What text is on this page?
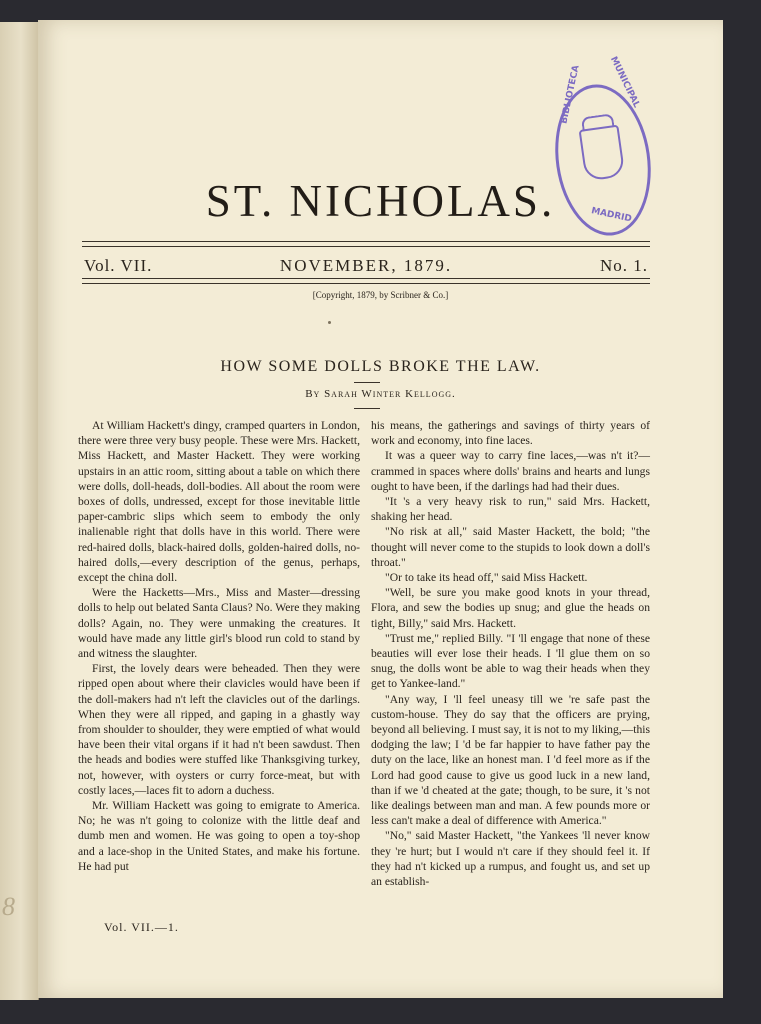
8
ST. NICHOLAS.
BIBLIOTECA	MUNICIPAL
MADRID
Vol. VII.	NOVEMBER, 1879.	No. 1.
[Copyright, 1879, by Scribner & Co.]
HOW SOME DOLLS BROKE THE LAW.
By Sarah Winter Kellogg.

At William Hackett's dingy, cramped quarters in London, there were three very busy people. These were Mrs. Hackett, Miss Hackett, and Master Hackett. They were working upstairs in an attic room, sitting about a table on which there were dolls, doll-heads, doll-bodies. All about the room were boxes of dolls, undressed, except for those inevitable little paper-cambric slips which seem to embody the only inalienable right that dolls have in this world. There were red-haired dolls, black-haired dolls, golden-haired dolls, no-haired dolls,—every description of the genus, perhaps, except the china doll.

Were the Hacketts—Mrs., Miss and Master—dressing dolls to help out belated Santa Claus? No. Were they making dolls? Again, no. They were unmaking the creatures. It would have made any little girl's blood run cold to stand by and witness the slaughter.

First, the lovely dears were beheaded. Then they were ripped open about where their clavicles would have been if the doll-makers had n't left the clavicles out of the darlings. When they were all ripped, and gaping in a ghastly way from shoulder to shoulder, they were emptied of what would have been their vital organs if it had n't been sawdust. Then the heads and bodies were stuffed like Thanksgiving turkey, not, however, with oysters or curry force-meat, but with costly laces,—laces fit to adorn a duchess.

Mr. William Hackett was going to emigrate to America. No; he was n't going to colonize with the little deaf and dumb men and women. He was going to open a toy-shop and a lace-shop in the United States, and make his fortune. He had put

his means, the gatherings and savings of thirty years of work and economy, into fine laces.

It was a queer way to carry fine laces,—was n't it?—crammed in spaces where dolls' brains and hearts and lungs ought to have been, if the darlings had had their dues.

"It 's a very heavy risk to run," said Mrs. Hackett, shaking her head.

"No risk at all," said Master Hackett, the bold; "the thought will never come to the stupids to look down a doll's throat."

"Or to take its head off," said Miss Hackett.

"Well, be sure you make good knots in your thread, Flora, and sew the bodies up snug; and glue the heads on tight, Billy," said Mrs. Hackett.

"Trust me," replied Billy. "I 'll engage that none of these beauties will ever lose their heads. I 'll glue them on so snug, the dolls wont be able to wag their heads when they get to Yankee-land."

"Any way, I 'll feel uneasy till we 're safe past the custom-house. They do say that the officers are prying, beyond all believing. I must say, it is not to my liking,—this dodging the law; I 'd be far happier to have father pay the duty on the lace, like an honest man. I 'd feel more as if the Lord had good cause to give us good luck in a new land, than if we 'd cheated at the gate; though, to be sure, it 's not like dealings between man and man. A few pounds more or less can't make a deal of difference with America."

"No," said Master Hackett, "the Yankees 'll never know they 're hurt; but I would n't care if they should feel it. If they had n't kicked up a rumpus, and fought us, and set up an establish-

Vol. VII.—1.
